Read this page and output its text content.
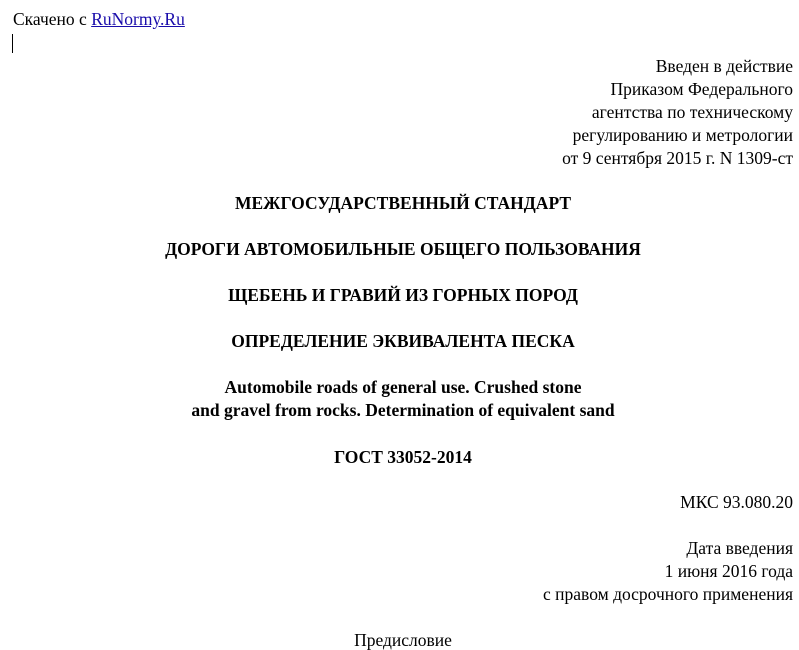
Скачено с RuNormy.Ru
Введен в действие
Приказом Федерального
агентства по техническому
регулированию и метрологии
от 9 сентября 2015 г. N 1309-ст
МЕЖГОСУДАРСТВЕННЫЙ СТАНДАРТ
ДОРОГИ АВТОМОБИЛЬНЫЕ ОБЩЕГО ПОЛЬЗОВАНИЯ
ЩЕБЕНЬ И ГРАВИЙ ИЗ ГОРНЫХ ПОРОД
ОПРЕДЕЛЕНИЕ ЭКВИВАЛЕНТА ПЕСКА
Automobile roads of general use. Crushed stone
and gravel from rocks. Determination of equivalent sand
ГОСТ 33052-2014
МКС 93.080.20
Дата введения
1 июня 2016 года
с правом досрочного применения
Предисловие
